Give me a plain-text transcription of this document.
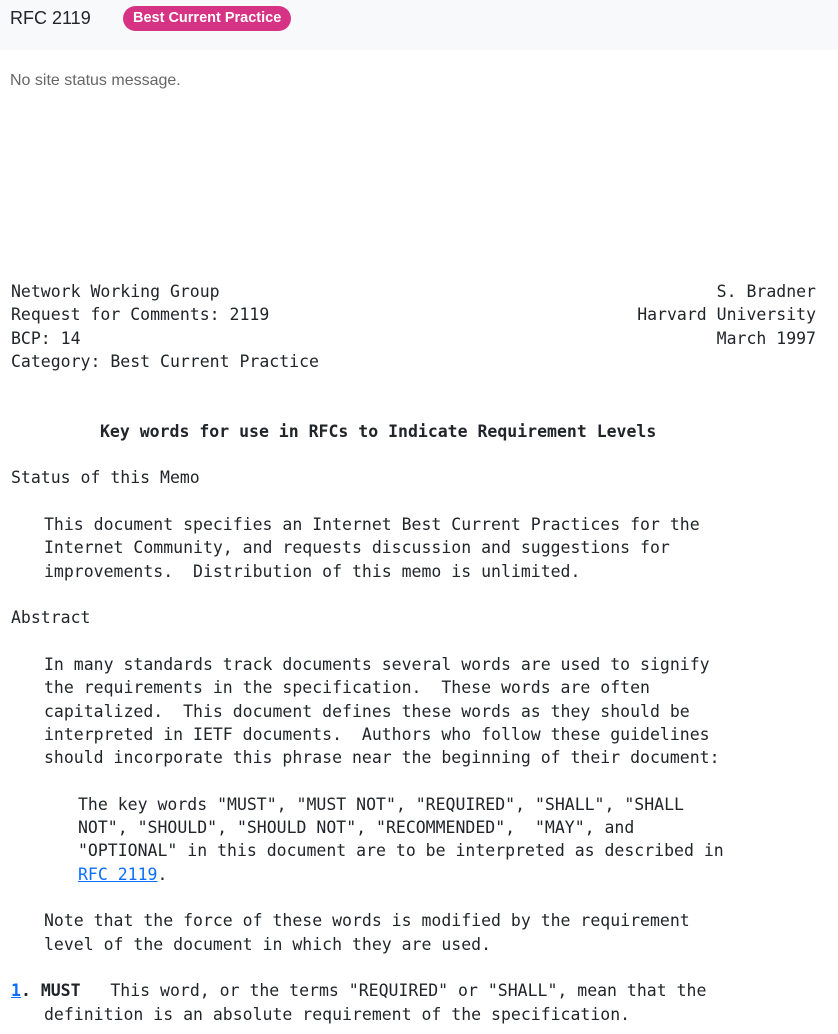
RFC 2119	Best Current Practice
No site status message.
Network Working Group
Request for Comments: 2119
BCP: 14
Category: Best Current Practice
S. Bradner
Harvard University
March 1997
Key words for use in RFCs to Indicate Requirement Levels
Status of this Memo
This document specifies an Internet Best Current Practices for the
Internet Community, and requests discussion and suggestions for
improvements.  Distribution of this memo is unlimited.
Abstract
In many standards track documents several words are used to signify
the requirements in the specification.  These words are often
capitalized.  This document defines these words as they should be
interpreted in IETF documents.  Authors who follow these guidelines
should incorporate this phrase near the beginning of their document:
The key words "MUST", "MUST NOT", "REQUIRED", "SHALL", "SHALL
NOT", "SHOULD", "SHOULD NOT", "RECOMMENDED",  "MAY", and
"OPTIONAL" in this document are to be interpreted as described in
RFC 2119.
Note that the force of these words is modified by the requirement
level of the document in which they are used.
1. MUST   This word, or the terms "REQUIRED" or "SHALL", mean that the
definition is an absolute requirement of the specification.
